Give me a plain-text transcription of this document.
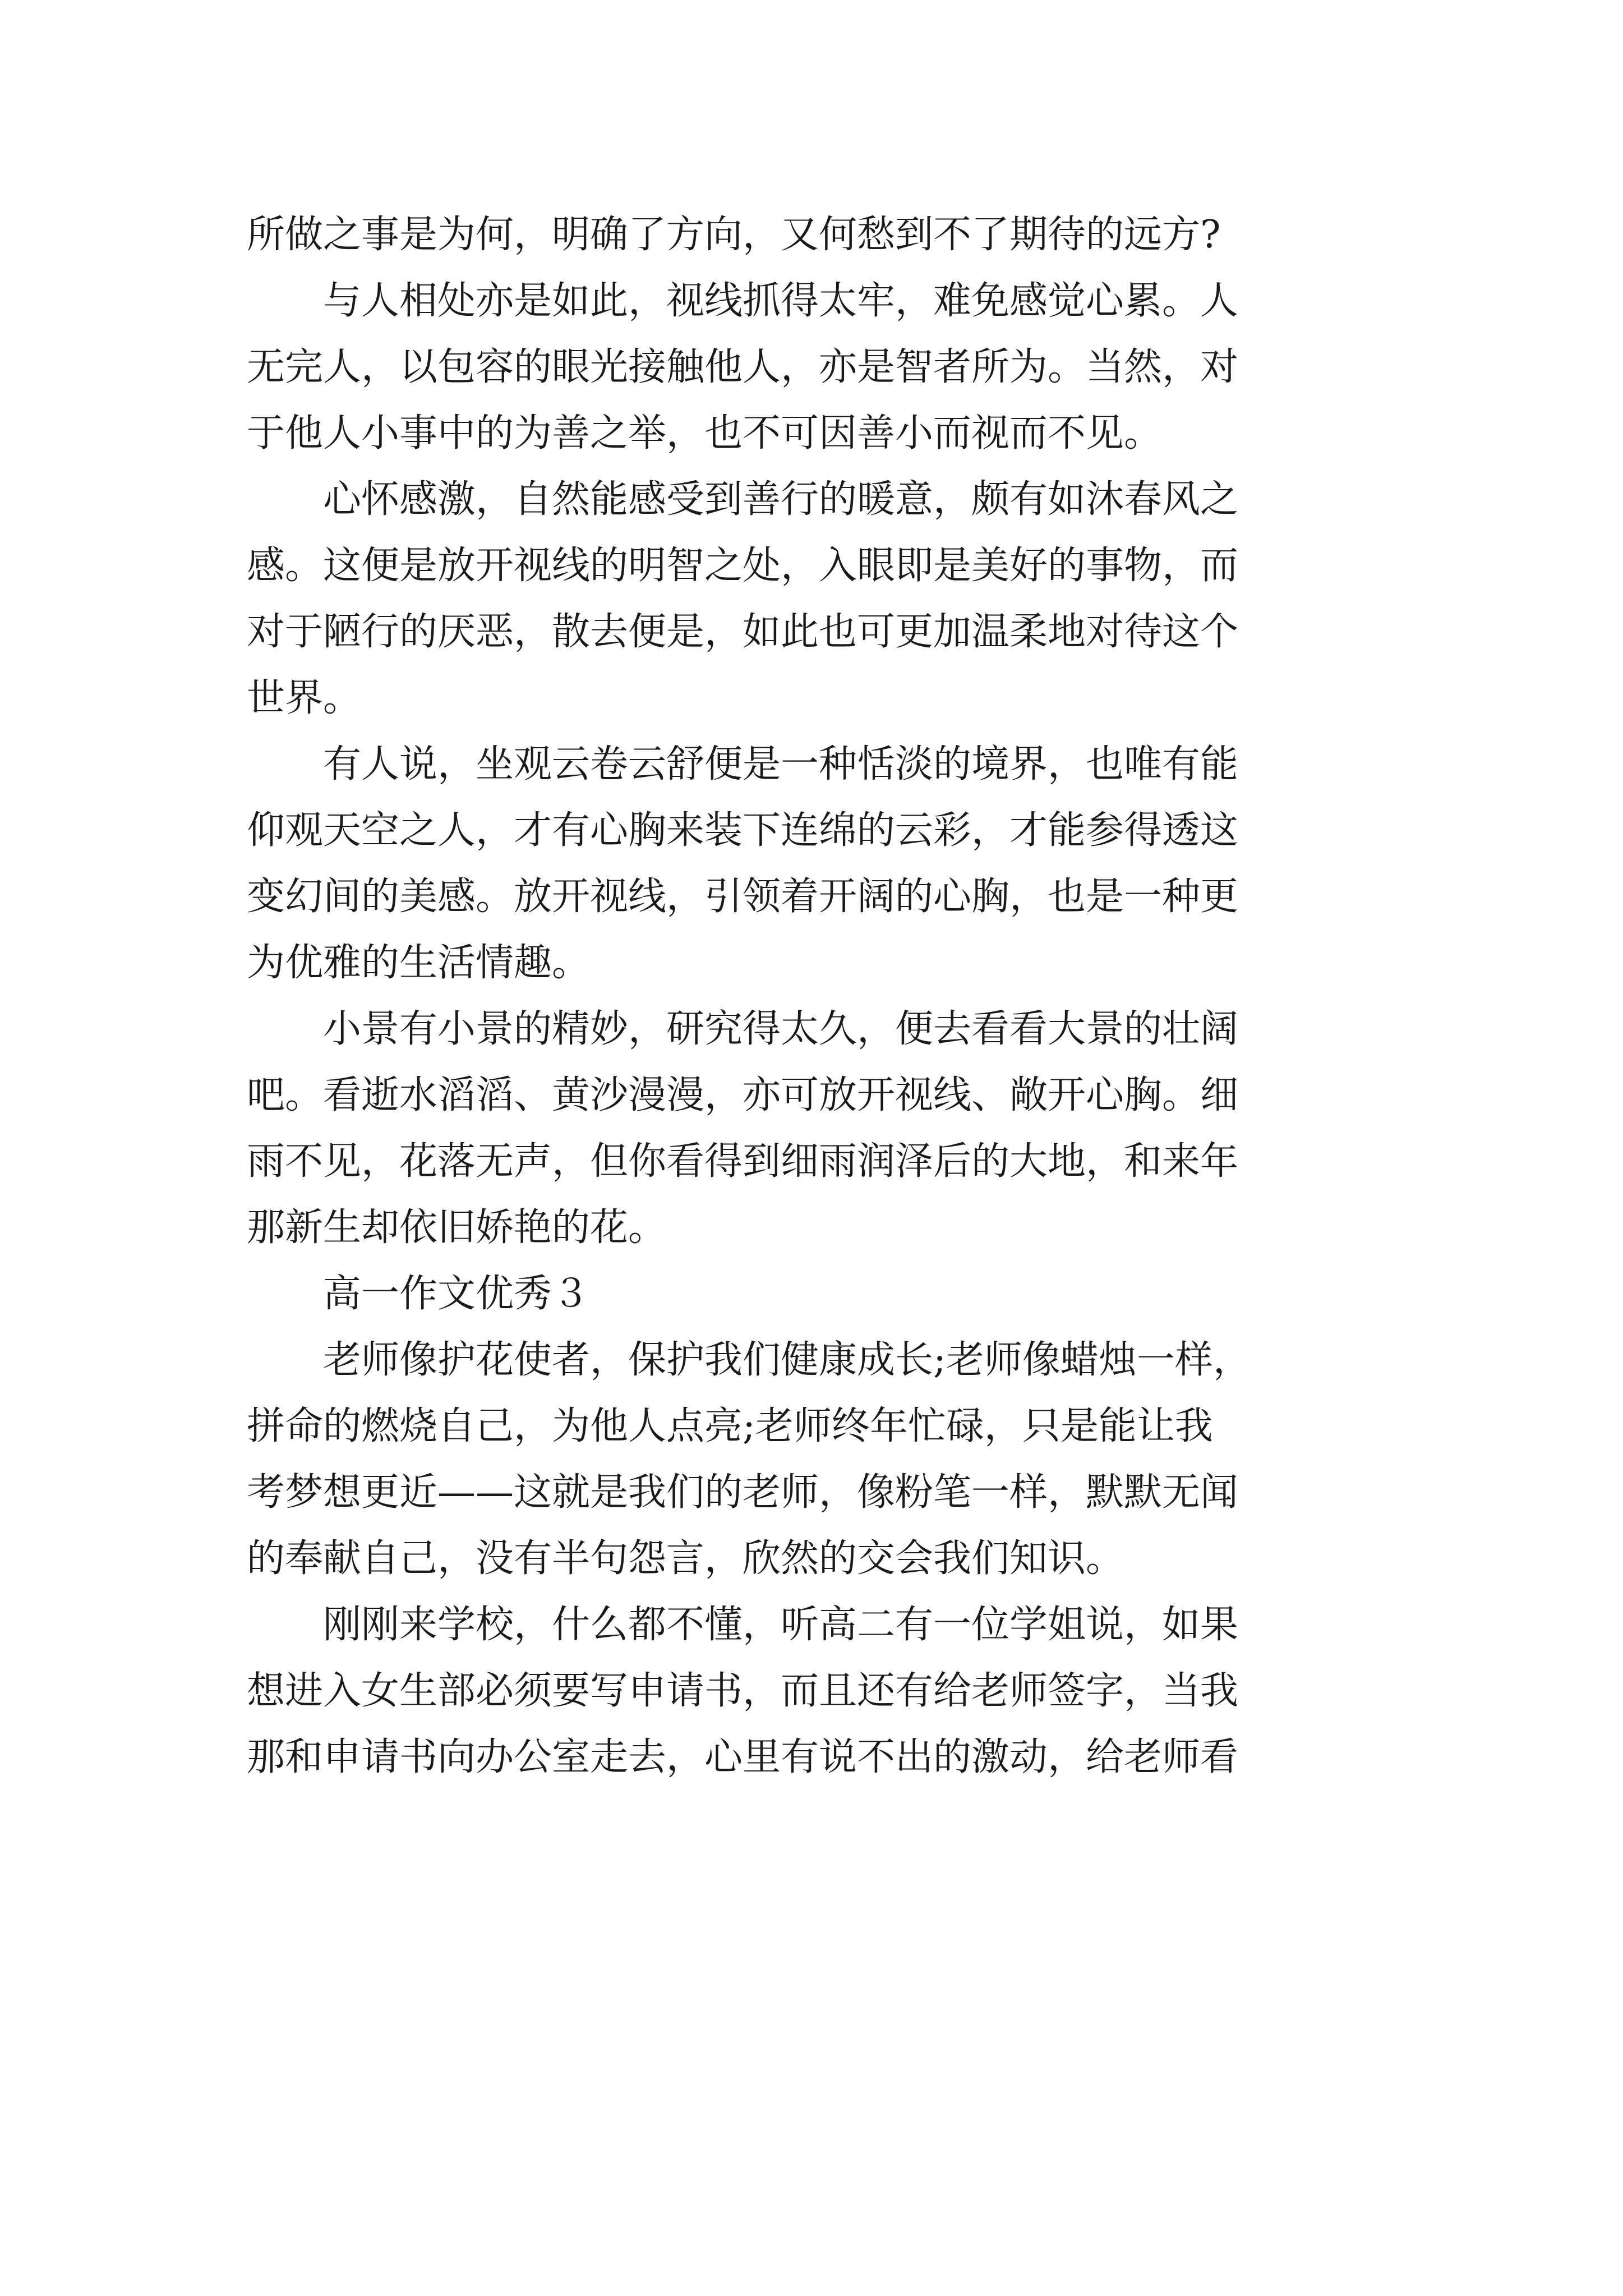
所做之事是为何，明确了方向，又何愁到不了期待的远方?
与人相处亦是如此，视线抓得太牢，难免感觉心累。人
无完人，以包容的眼光接触他人，亦是智者所为。当然，对
于他人小事中的为善之举，也不可因善小而视而不见。
心怀感激，自然能感受到善行的暖意，颇有如沐春风之
感。这便是放开视线的明智之处，入眼即是美好的事物，而
对于陋行的厌恶，散去便是，如此也可更加温柔地对待这个
世界。
有人说，坐观云卷云舒便是一种恬淡的境界，也唯有能
仰观天空之人，才有心胸来装下连绵的云彩，才能参得透这
变幻间的美感。放开视线，引领着开阔的心胸，也是一种更
为优雅的生活情趣。
小景有小景的精妙，研究得太久，便去看看大景的壮阔
吧。看逝水滔滔、黄沙漫漫，亦可放开视线、敞开心胸。细
雨不见，花落无声，但你看得到细雨润泽后的大地，和来年
那新生却依旧娇艳的花。
高一作文优秀３
老师像护花使者，保护我们健康成长;老师像蜡烛一样，
拼命的燃烧自己，为他人点亮;老师终年忙碌，只是能让我
考梦想更近——这就是我们的老师，像粉笔一样，默默无闻
的奉献自己，没有半句怨言，欣然的交会我们知识。
刚刚来学校，什么都不懂，听高二有一位学姐说，如果
想进入女生部必须要写申请书，而且还有给老师签字，当我
那和申请书向办公室走去，心里有说不出的激动，给老师看
